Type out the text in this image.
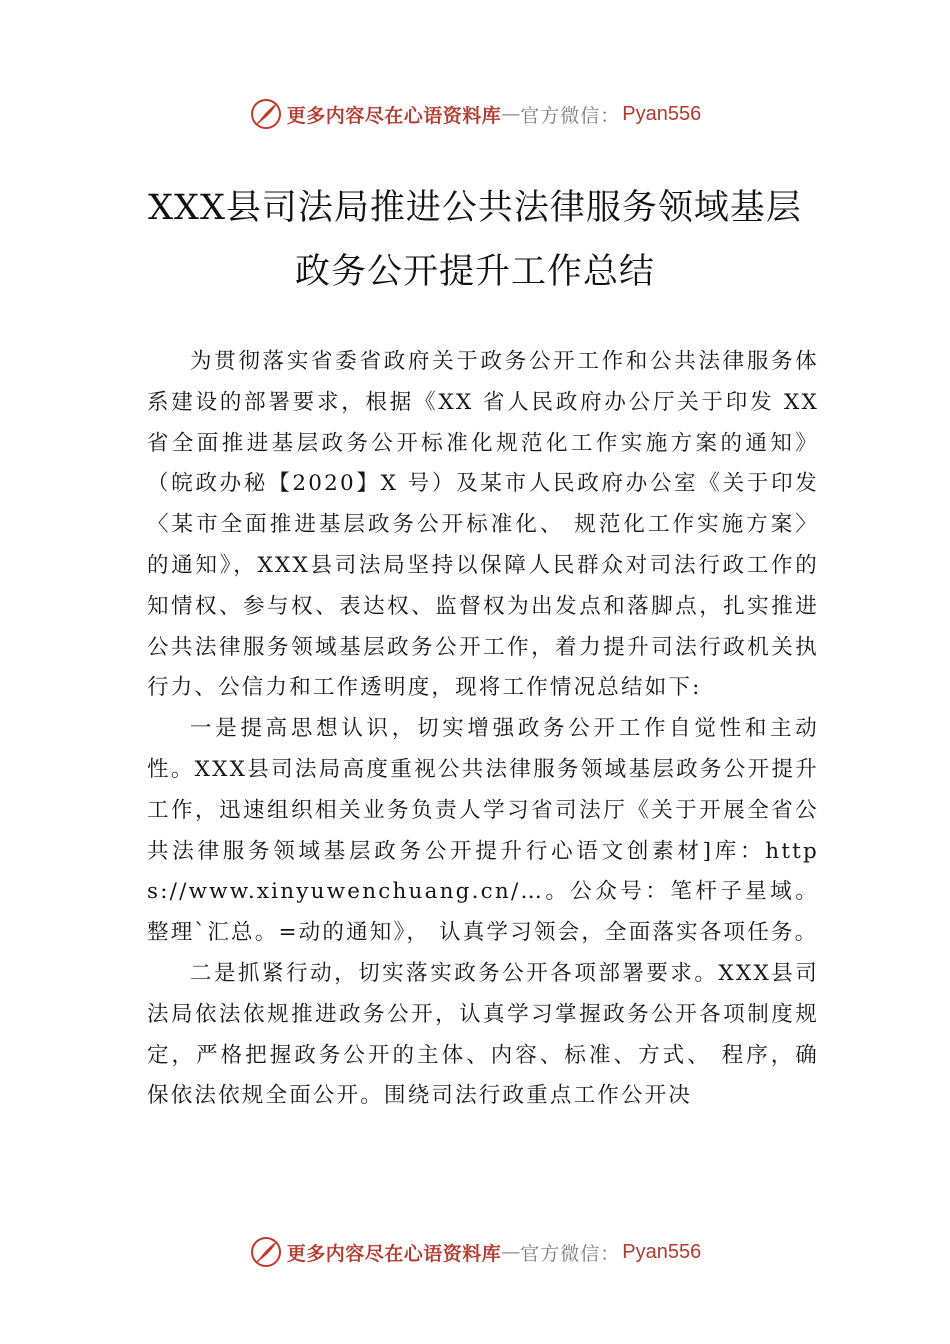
更多内容尽在心语资料库 — 官方微信： Pyan556
XXX县司法局推进公共法律服务领域基层
政务公开提升工作总结

为贯彻落实省委省政府关于政务公开工作和公共法律服务体系建设的部署要求，根据《XX 省人民政府办公厅关于印发 XX省全面推进基层政务公开标准化规范化工作实施方案的通知》（皖政办秘【2020】X 号）及某市人民政府办公室《关于印发〈某市全面推进基层政务公开标准化、 规范化工作实施方案〉的通知》，XXX县司法局坚持以保障人民群众对司法行政工作的知情权、参与权、表达权、监督权为出发点和落脚点，扎实推进公共法律服务领域基层政务公开工作，着力提升司法行政机关执行力、公信力和工作透明度，现将工作情况总结如下:

一是提高思想认识，切实增强政务公开工作自觉性和主动性。XXX县司法局高度重视公共法律服务领域基层政务公开提升工作，迅速组织相关业务负责人学习省司法厅《关于开展全省公共法律服务领域基层政务公开提升行心语文创素材]库：https://www.xinyuwenchuang.cn/…。公众号：笔杆子星域。整理`汇总。=动的通知》， 认真学习领会，全面落实各项任务。

二是抓紧行动，切实落实政务公开各项部署要求。XXX县司法局依法依规推进政务公开，认真学习掌握政务公开各项制度规定，严格把握政务公开的主体、内容、标准、方式、 程序，确保依法依规全面公开。围绕司法行政重点工作公开决

更多内容尽在心语资料库 — 官方微信： Pyan556
